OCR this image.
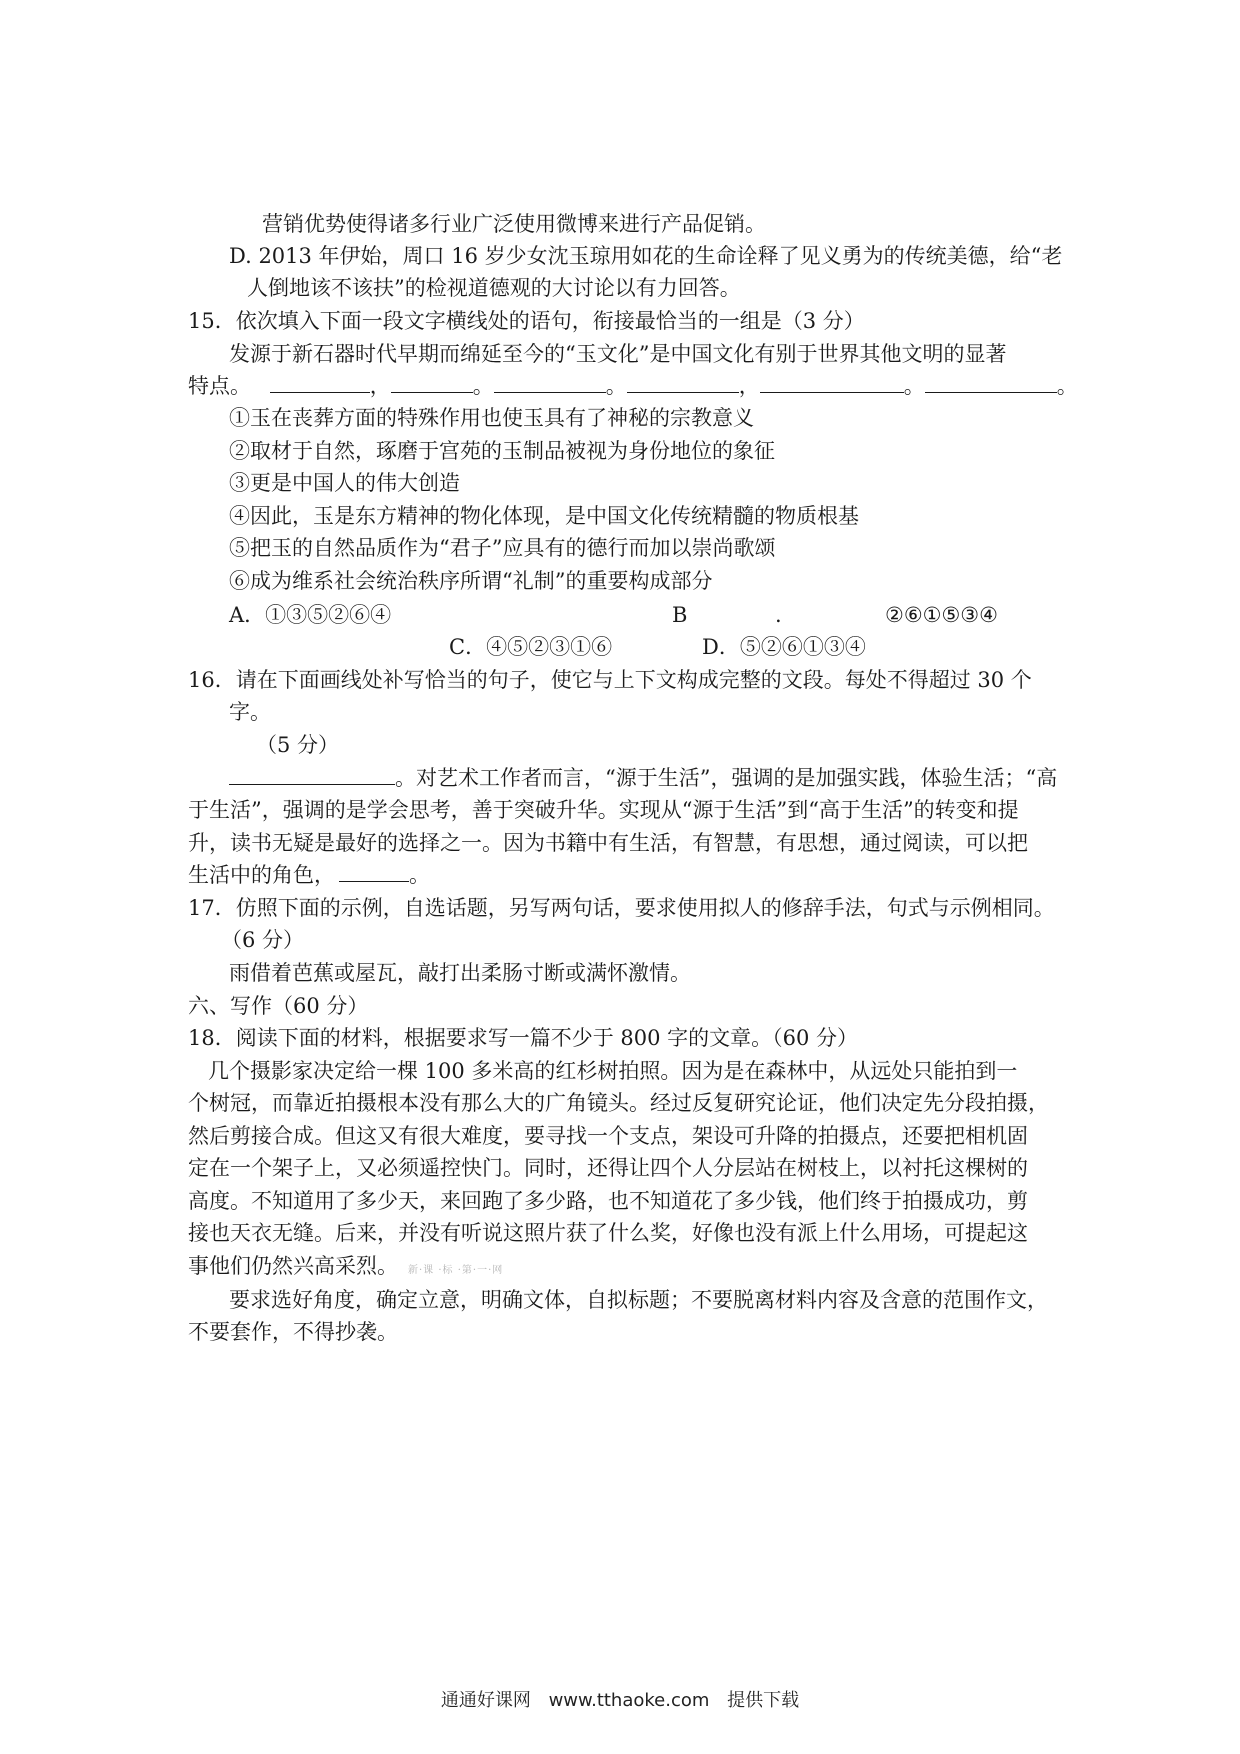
营销优势使得诸多行业广泛使用微博来进行产品促销。
D. 2013 年伊始，周口 16 岁少女沈玉琼用如花的生命诠释了见义勇为的传统美德，给“老
人倒地该不该扶”的检视道德观的大讨论以有力回答。
15．依次填入下面一段文字横线处的语句，衔接最恰当的一组是（3 分）
发源于新石器时代早期而绵延至今的“玉文化”是中国文化有别于世界其他文明的显著
特点。	，	。	。	，	。	。
①玉在丧葬方面的特殊作用也使玉具有了神秘的宗教意义
②取材于自然，琢磨于宫苑的玉制品被视为身份地位的象征
③更是中国人的伟大创造
④因此，玉是东方精神的物化体现，是中国文化传统精髓的物质根基
⑤把玉的自然品质作为“君子”应具有的德行而加以崇尚歌颂
⑥成为维系社会统治秩序所谓“礼制”的重要构成部分
A．①③⑤②⑥④	B	.	②⑥①⑤③④
C．④⑤②③①⑥	D．⑤②⑥①③④
16．请在下面画线处补写恰当的句子，使它与上下文构成完整的文段。每处不得超过 30 个
字。
（5 分）
。对艺术工作者而言，“源于生活”，强调的是加强实践，体验生活；“高
于生活”，强调的是学会思考，善于突破升华。实现从“源于生活”到“高于生活”的转变和提
升，读书无疑是最好的选择之一。因为书籍中有生活，有智慧，有思想，通过阅读，可以把
生活中的角色，	。
17．仿照下面的示例，自选话题，另写两句话，要求使用拟人的修辞手法，句式与示例相同。
（6 分）
雨借着芭蕉或屋瓦，敲打出柔肠寸断或满怀激情。
六、写作（60 分）
18．阅读下面的材料，根据要求写一篇不少于 800 字的文章。（60 分）
几个摄影家决定给一棵 100 多米高的红杉树拍照。因为是在森林中，从远处只能拍到一
个树冠，而靠近拍摄根本没有那么大的广角镜头。经过反复研究论证，他们决定先分段拍摄，
然后剪接合成。但这又有很大难度，要寻找一个支点，架设可升降的拍摄点，还要把相机固
定在一个架子上，又必须遥控快门。同时，还得让四个人分层站在树枝上，以衬托这棵树的
高度。不知道用了多少天，来回跑了多少路，也不知道花了多少钱，他们终于拍摄成功，剪
接也天衣无缝。后来，并没有听说这照片获了什么奖，好像也没有派上什么用场，可提起这
事他们仍然兴高采烈。 新·课 ·标 ·第·一·网
要求选好角度，确定立意，明确文体，自拟标题；不要脱离材料内容及含意的范围作文，
不要套作，不得抄袭。
通通好课网 www.tthaoke.com 提供下载
